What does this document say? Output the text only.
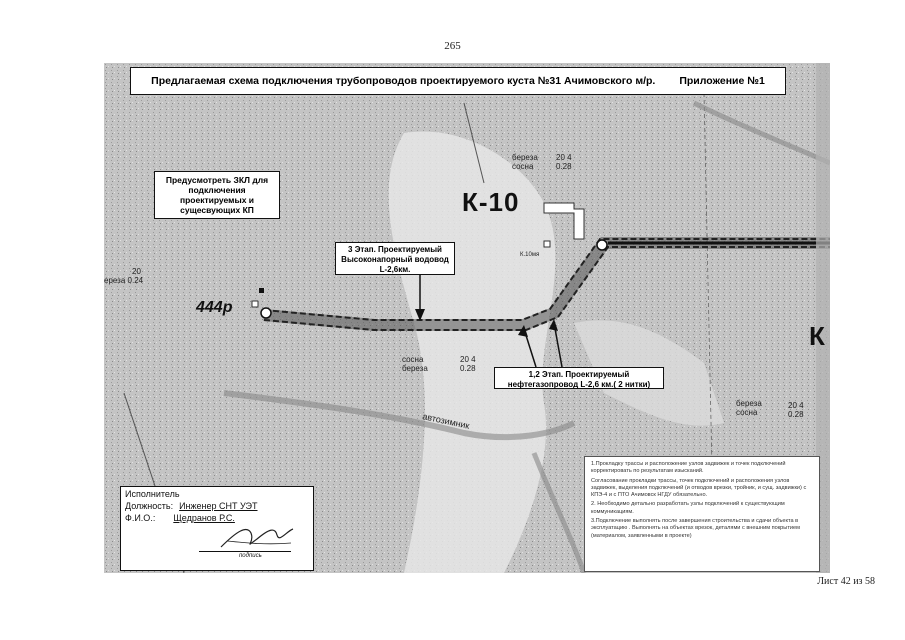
265
Предлагаемая схема подключения трубопроводов проектируемого куста №31 Ачимовского м/р. Приложение №1
Предусмотреть ЗКЛ для подключения проектируемых и сущесвующих КП
3 Этап. Проектируемый Высоконапорный водовод L-2,6км.
1,2 Этап. Проектируемый нефтегазопровод L-2,6 км.( 2 нитки)
К-10
К
444р
К.10мя
автозимник
береза
сосна
20 4
0.28
20
ереза 0.24
сосна
береза
20 4
0.28
береза
сосна
20 4
0.28

1.Прокладку трассы и расположение узлов задвижек и точек подключений корректировать по результатам изысканий.

Согласование прокладки трассы, точек подключений и расположения узлов задвижек, выделения подключений (и отводов врезки, тройник, и сущ. задвижки) с КПЭ-4 и с ПТО Ачимовск НГДУ обязательно.

2. Необходимо детально разработать узлы подключений к существующим коммуникациям.

3.Подключение выполнять после завершения строительства и сдачи объекта в эксплуатацию . Выполнять на объектах врезок, деталями с внешним покрытием (материалом, заявленными в проекте)

Исполнитель
Должность: Инженер СНТ УЭТ
Ф.И.О.: Щедранов Р.С.
подпись
Лист 42 из 58
